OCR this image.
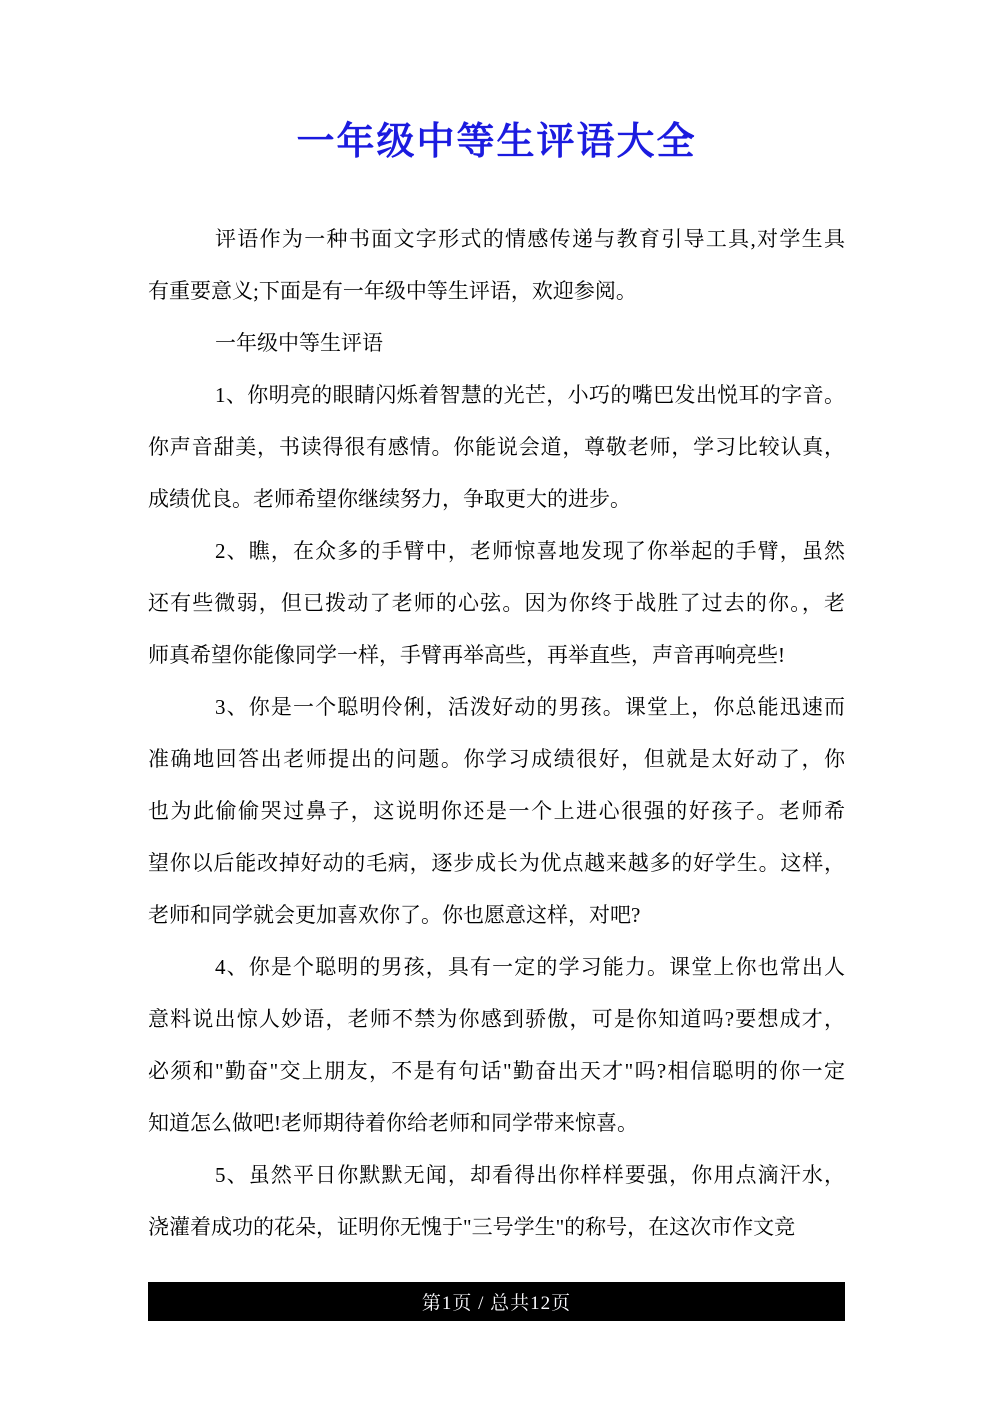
一年级中等生评语大全
评语作为一种书面文字形式的情感传递与教育引导工具,对学生具
有重要意义;下面是有一年级中等生评语，欢迎参阅。
一年级中等生评语
1、你明亮的眼睛闪烁着智慧的光芒，小巧的嘴巴发出悦耳的字音。
你声音甜美，书读得很有感情。你能说会道，尊敬老师，学习比较认真，
成绩优良。老师希望你继续努力，争取更大的进步。
2、瞧，在众多的手臂中，老师惊喜地发现了你举起的手臂，虽然
还有些微弱，但已拨动了老师的心弦。因为你终于战胜了过去的你。，老
师真希望你能像同学一样，手臂再举高些，再举直些，声音再响亮些!
3、你是一个聪明伶俐，活泼好动的男孩。课堂上，你总能迅速而
准确地回答出老师提出的问题。你学习成绩很好，但就是太好动了，你
也为此偷偷哭过鼻子，这说明你还是一个上进心很强的好孩子。老师希
望你以后能改掉好动的毛病，逐步成长为优点越来越多的好学生。这样，
老师和同学就会更加喜欢你了。你也愿意这样，对吧?
4、你是个聪明的男孩，具有一定的学习能力。课堂上你也常出人
意料说出惊人妙语，老师不禁为你感到骄傲，可是你知道吗?要想成才，
必须和"勤奋"交上朋友，不是有句话"勤奋出天才"吗?相信聪明的你一定
知道怎么做吧!老师期待着你给老师和同学带来惊喜。
5、虽然平日你默默无闻，却看得出你样样要强，你用点滴汗水，
浇灌着成功的花朵，证明你无愧于"三号学生"的称号，在这次市作文竞
第1页 / 总共12页
